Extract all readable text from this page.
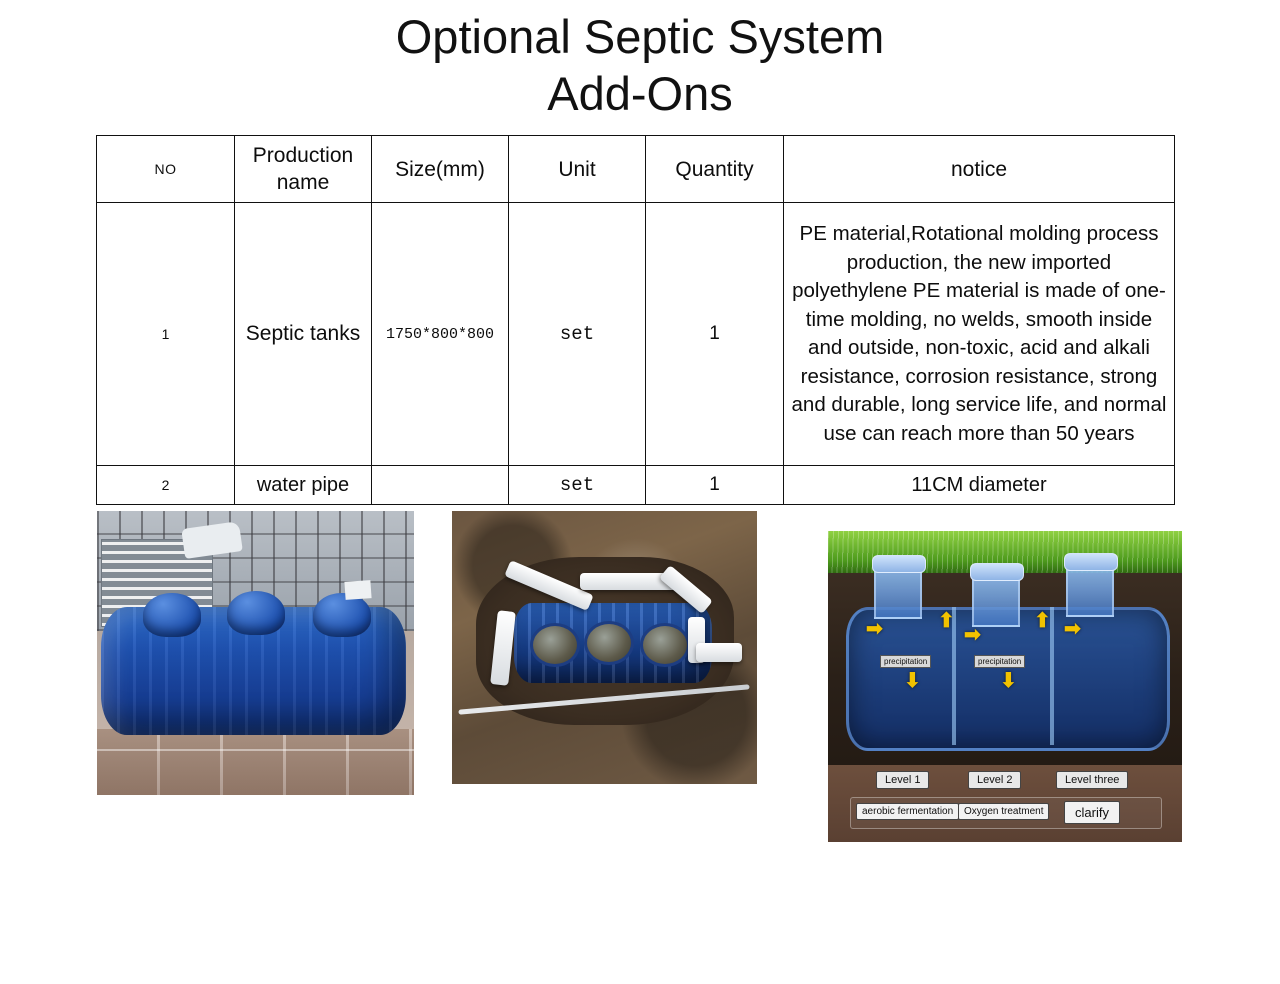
Optional Septic System
Add-Ons
NO	Production name	Size(mm)	Unit	Quantity	notice
1	Septic tanks	1750*800*800	set	1	PE material,Rotational molding process production, the new imported polyethylene PE material is made of one-time molding, no welds, smooth inside and outside, non-toxic, acid and alkali resistance, corrosion resistance, strong and durable, long service life, and normal use can reach more than 50 years
2	water pipe		set	1	11CM diameter
➡	➡	➡
⬆	⬆
⬇	⬇
precipitation	precipitation
Level 1	Level 2	Level three
aerobic fermentation	Oxygen treatment	clarify
